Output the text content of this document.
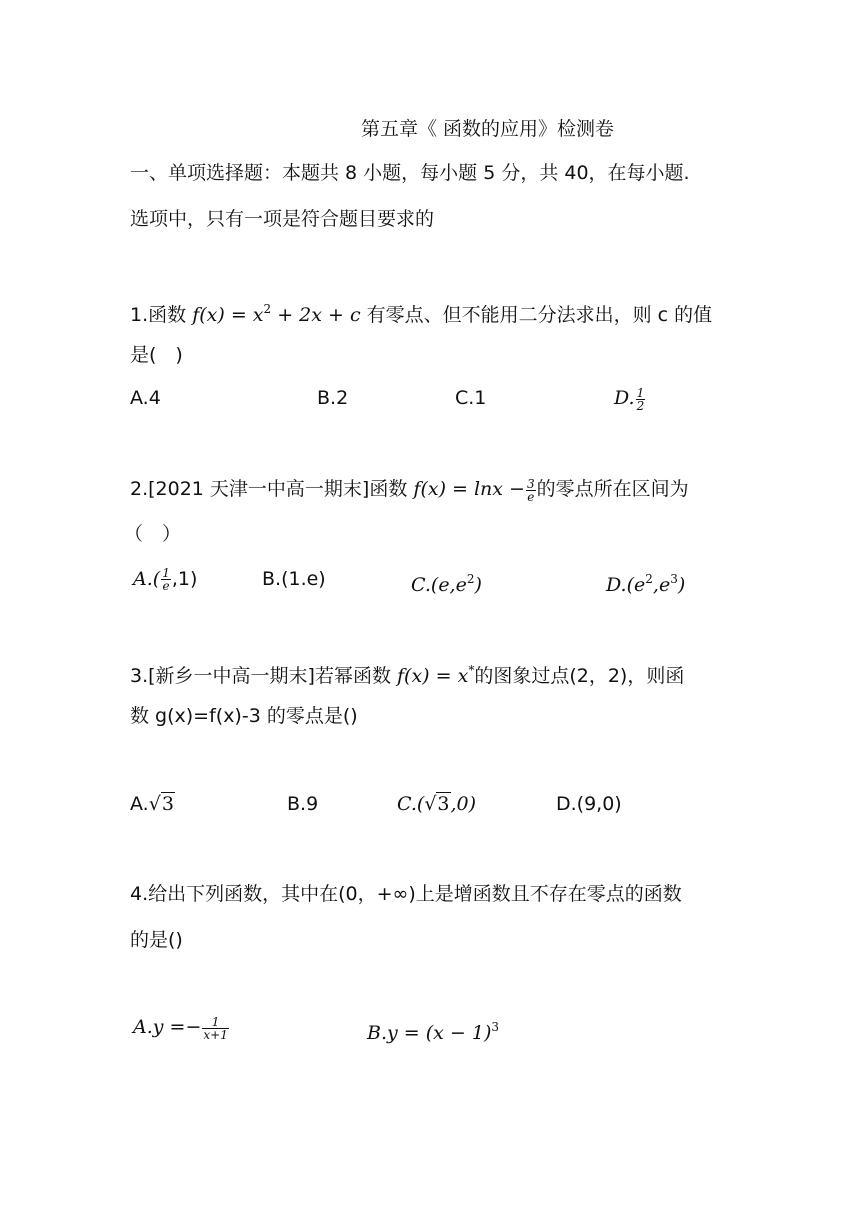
第五章《 函数的应用》检测卷
一、单项选择题：本题共 8 小题，每小题 5 分，共 40，在每小题.
选项中，只有一项是符合题目要求的
1.函数 $f(x) = x^2 + 2x + c$ 有零点、但不能用二分法求出，则 c 的值
是(　)
A.4	B.2	C.1	D. $\frac{1}{2}$
2.[2021 天津一中高一期末]函数 $f(x) = \ln x - \frac{3}{e}$ 的零点所在区间为
（　）
$A.( \frac{1}{e} ,1)$	B.(1.e)	$C.(e,e^2)$	$D.(e^2,e^3)$
3.[新乡一中高一期末]若幂函数 f(x) = x*的图象过点(2，2)，则函
数 g(x)=f(x)-3 的零点是()
A.√3	B.9	C.(√3,0)	D.(9,0)
4.给出下列函数，其中在(0，+∞)上是增函数且不存在零点的函数
的是()
$A.y =- \frac{1}{x+1}$	$B.y = (x - 1)^3$
